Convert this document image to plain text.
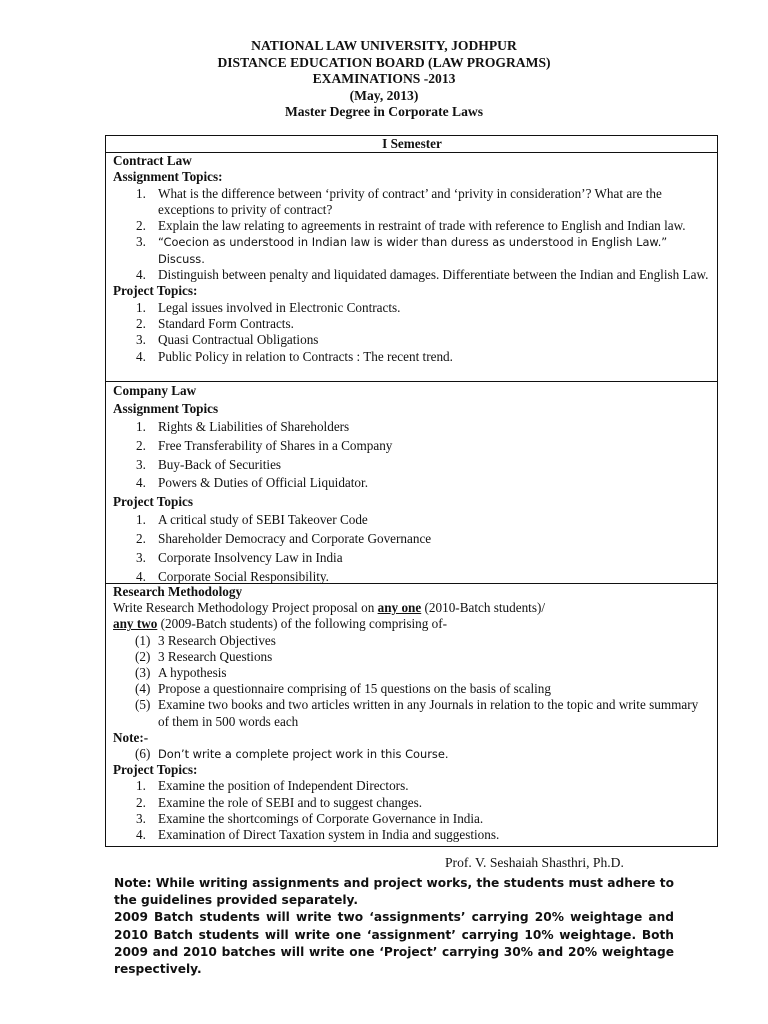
NATIONAL LAW UNIVERSITY, JODHPUR
DISTANCE EDUCATION BOARD (LAW PROGRAMS)
EXAMINATIONS -2013
(May, 2013)
Master Degree in Corporate Laws
I Semester
Contract Law
Assignment Topics:
1. What is the difference between ‘privity of contract’ and ‘privity in consideration’? What are the exceptions to privity of contract?
2. Explain the law relating to agreements in restraint of trade with reference to English and Indian law.
3. “Coecion as understood in Indian law is wider than duress as understood in English Law.” Discuss.
4. Distinguish between penalty and liquidated damages. Differentiate between the Indian and English Law.
Project Topics:
1. Legal issues involved in Electronic Contracts.
2. Standard Form Contracts.
3. Quasi Contractual Obligations
4. Public Policy in relation to Contracts : The recent trend.
Company Law
Assignment Topics
1. Rights & Liabilities of Shareholders
2. Free Transferability of Shares in a Company
3. Buy-Back of Securities
4. Powers & Duties of Official Liquidator.
Project Topics
1. A critical study of SEBI Takeover Code
2. Shareholder Democracy and Corporate Governance
3. Corporate Insolvency Law in India
4. Corporate Social Responsibility.
Research Methodology
Write Research Methodology Project proposal on any one (2010-Batch students)/
any two (2009-Batch students) of the following comprising of-
(1) 3 Research Objectives
(2) 3 Research Questions
(3) A hypothesis
(4) Propose a questionnaire comprising of 15 questions on the basis of scaling
(5) Examine two books and two articles written in any Journals in relation to the topic and write summary of them in 500 words each
Note:-
(6) Don’t write a complete project work in this Course.
Project Topics:
1. Examine the position of Independent Directors.
2. Examine the role of SEBI and to suggest changes.
3. Examine the shortcomings of Corporate Governance in India.
4. Examination of Direct Taxation system in India and suggestions.
Prof. V. Seshaiah Shasthri, Ph.D.
Note: While writing assignments and project works, the students must adhere to the guidelines provided separately.
2009 Batch students will write two ‘assignments’ carrying 20% weightage and 2010 Batch students will write one ‘assignment’ carrying 10% weightage. Both 2009 and 2010 batches will write one ‘Project’ carrying 30% and 20% weightage respectively.
